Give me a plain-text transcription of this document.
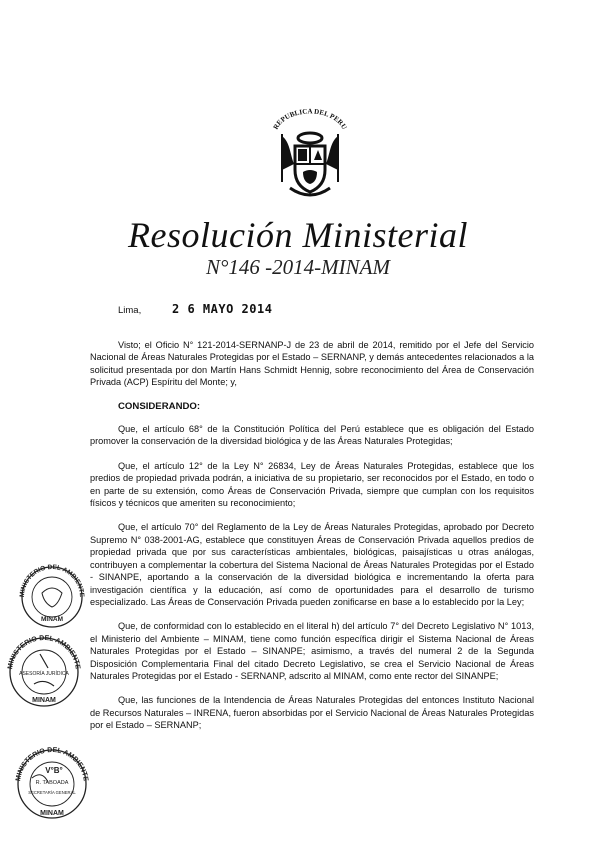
REPUBLICA DEL PERU
Resolución Ministerial
N°146 -2014-MINAM
Lima,	2 6 MAYO 2014

Visto; el Oficio N° 121-2014-SERNANP-J de 23 de abril de 2014, remitido por el Jefe del Servicio Nacional de Áreas Naturales Protegidas por el Estado – SERNANP, y demás antecedentes relacionados a la solicitud presentada por don Martín Hans Schmidt Hennig, sobre reconocimiento del Área de Conservación Privada (ACP) Espíritu del Monte; y,

CONSIDERANDO:

Que, el artículo 68° de la Constitución Política del Perú establece que es obligación del Estado promover la conservación de la diversidad biológica y de las Áreas Naturales Protegidas;

Que, el artículo 12° de la Ley N° 26834, Ley de Áreas Naturales Protegidas, establece que los predios de propiedad privada podrán, a iniciativa de su propietario, ser reconocidos por el Estado, en todo o en parte de su extensión, como Áreas de Conservación Privada, siempre que cumplan con los requisitos físicos y técnicos que ameriten su reconocimiento;

Que, el artículo 70° del Reglamento de la Ley de Áreas Naturales Protegidas, aprobado por Decreto Supremo N° 038-2001-AG, establece que constituyen Áreas de Conservación Privada aquellos predios de propiedad privada que por sus características ambientales, biológicas, paisajísticas u otras análogas, contribuyen a complementar la cobertura del Sistema Nacional de Áreas Naturales Protegidas por el Estado - SINANPE, aportando a la conservación de la diversidad biológica e incrementando la oferta para investigación científica y la educación, así como de oportunidades para el desarrollo de turismo especializado. Las Áreas de Conservación Privada pueden zonificarse en base a lo establecido por la Ley;

Que, de conformidad con lo establecido en el literal h) del artículo 7° del Decreto Legislativo N° 1013, el Ministerio del Ambiente – MINAM, tiene como función específica dirigir el Sistema Nacional de Áreas Naturales Protegidas por el Estado – SINANPE; asimismo, a través del numeral 2 de la Segunda Disposición Complementaria Final del citado Decreto Legislativo, se crea el Servicio Nacional de Áreas Naturales Protegidas por el Estado - SERNANP, adscrito al MINAM, como ente rector del SINANPE;

Que, las funciones de la Intendencia de Áreas Naturales Protegidas del entonces Instituto Nacional de Recursos Naturales – INRENA, fueron absorbidas por el Servicio Nacional de Áreas Naturales Protegidas por el Estado – SERNANP;

MINISTERIO DEL AMBIENTE
MINAM
MINISTERIO DEL AMBIENTE
ASESORÍA JURÍDICA
MINAM
MINISTERIO DEL AMBIENTE
V°B°
R. TABOADA
SECRETARÍA GENERAL
MINAM
